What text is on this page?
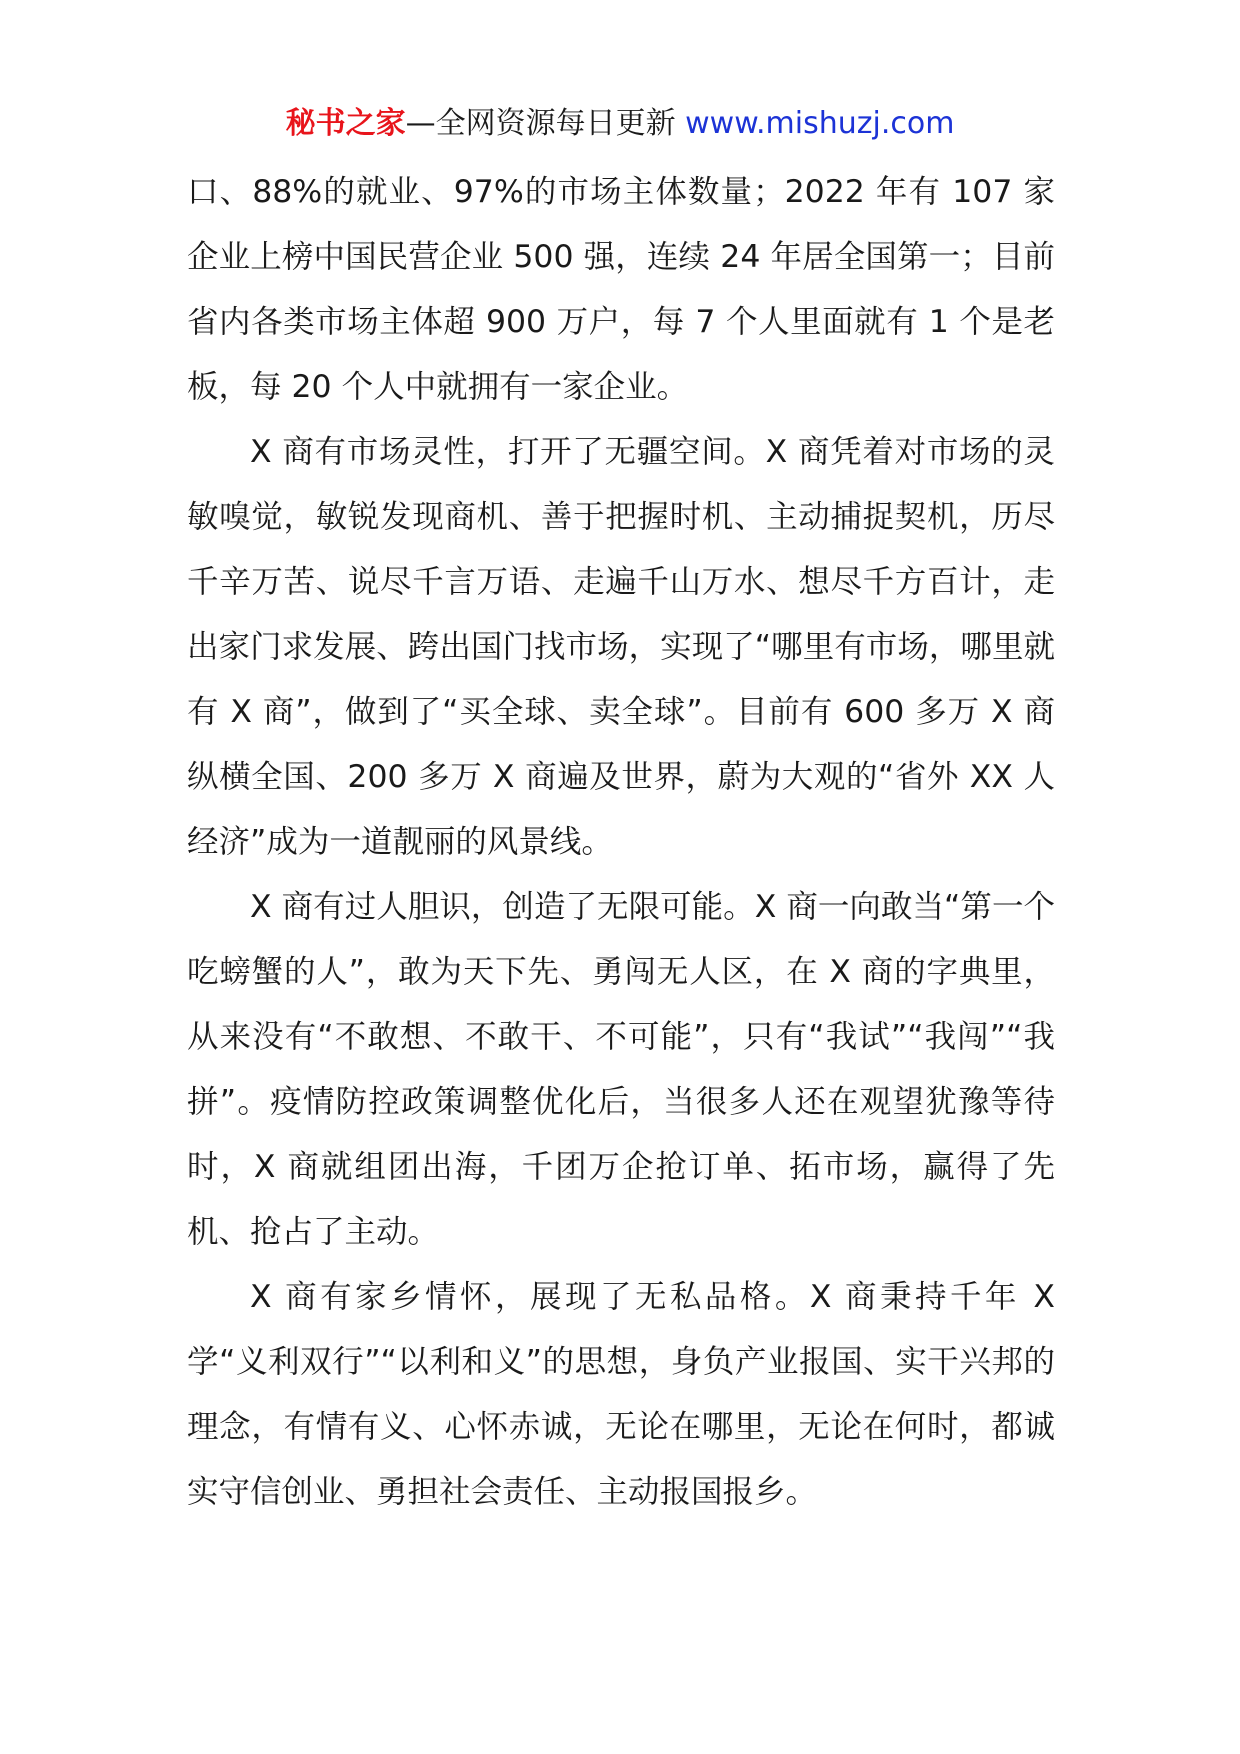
秘书之家—全网资源每日更新 www.mishuzj.com

口、88%的就业、97%的市场主体数量；2022 年有 107 家企业上榜中国民营企业 500 强，连续 24 年居全国第一；目前省内各类市场主体超 900 万户，每 7 个人里面就有 1 个是老板，每 20 个人中就拥有一家企业。

X 商有市场灵性，打开了无疆空间。X 商凭着对市场的灵敏嗅觉，敏锐发现商机、善于把握时机、主动捕捉契机，历尽千辛万苦、说尽千言万语、走遍千山万水、想尽千方百计，走出家门求发展、跨出国门找市场，实现了“哪里有市场，哪里就有 X 商”，做到了“买全球、卖全球”。目前有 600 多万 X 商纵横全国、200 多万 X 商遍及世界，蔚为大观的“省外 XX 人经济”成为一道靓丽的风景线。

X 商有过人胆识，创造了无限可能。X 商一向敢当“第一个吃螃蟹的人”，敢为天下先、勇闯无人区，在 X 商的字典里，从来没有“不敢想、不敢干、不可能”，只有“我试”“我闯”“我拼”。疫情防控政策调整优化后，当很多人还在观望犹豫等待时，X 商就组团出海，千团万企抢订单、拓市场，赢得了先机、抢占了主动。

X 商有家乡情怀，展现了无私品格。X 商秉持千年 X 学“义利双行”“以利和义”的思想，身负产业报国、实干兴邦的理念，有情有义、心怀赤诚，无论在哪里，无论在何时，都诚实守信创业、勇担社会责任、主动报国报乡。
